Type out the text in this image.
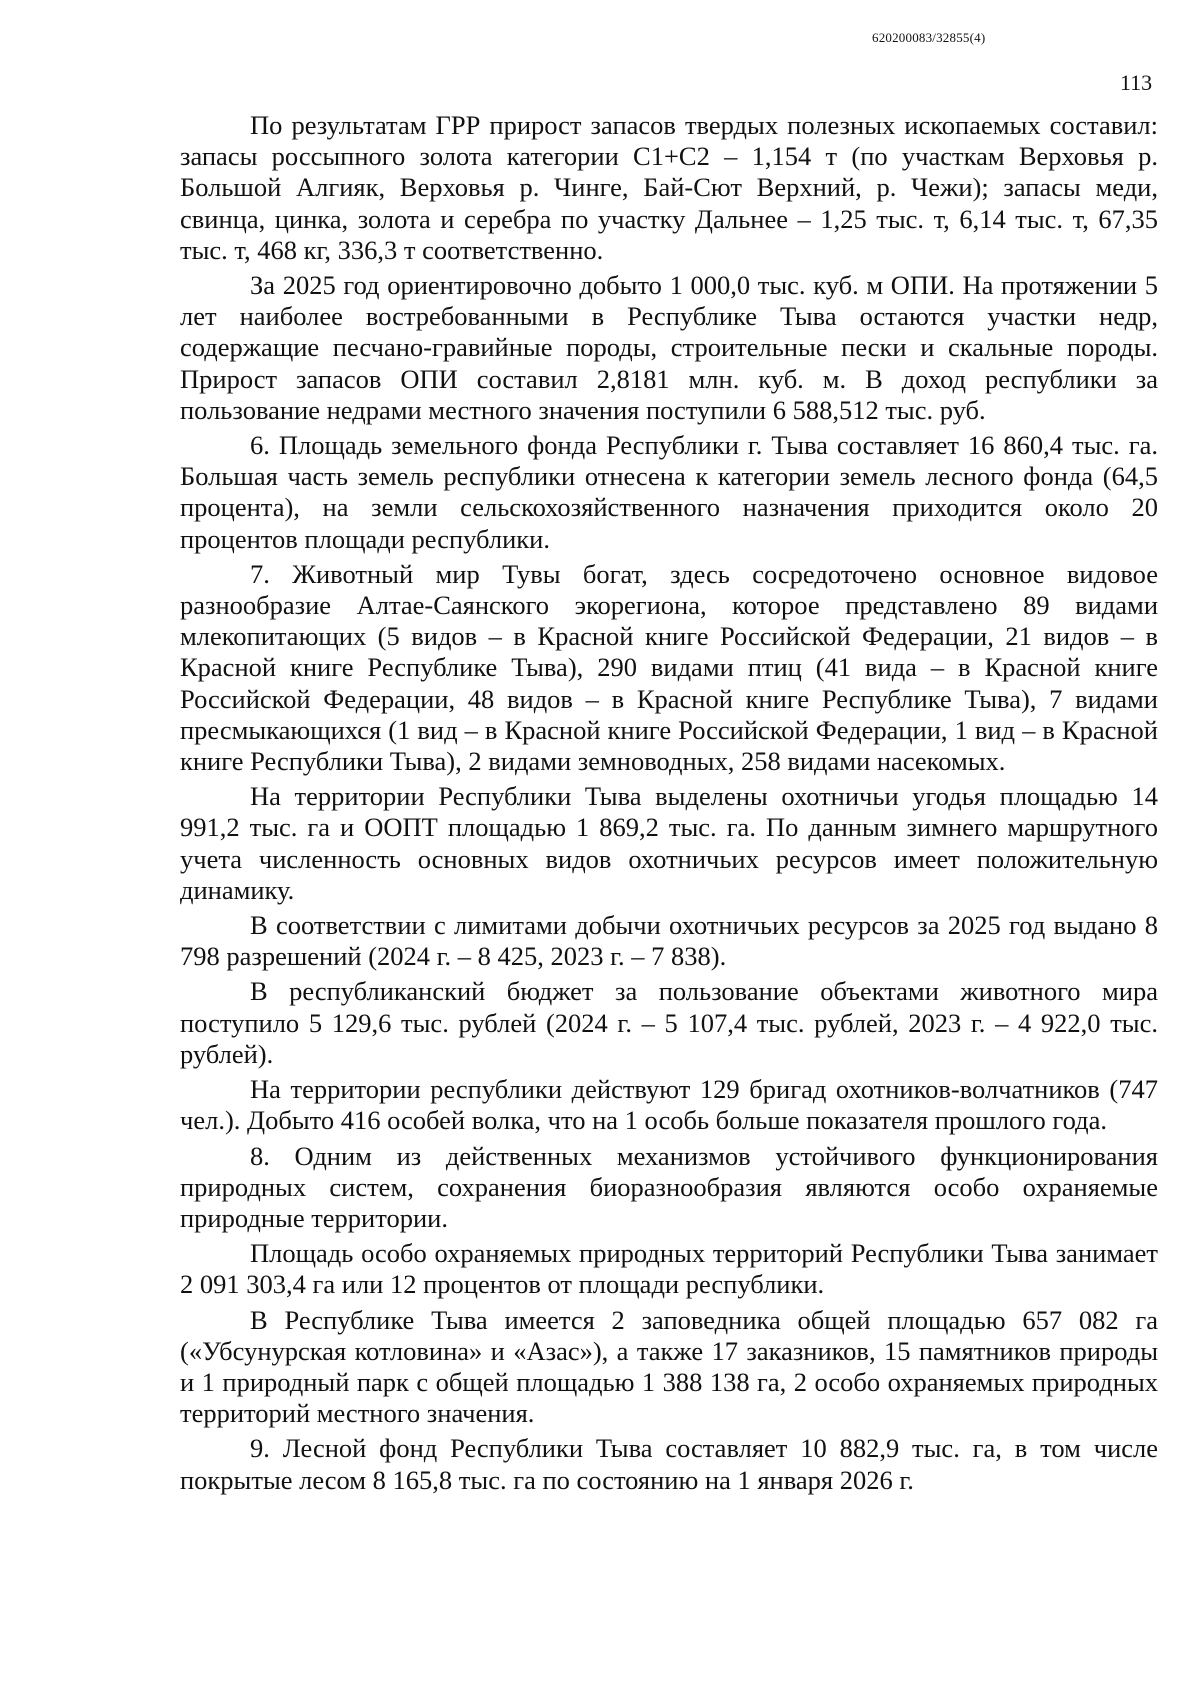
620200083/32855(4)
113

По результатам ГРР прирост запасов твердых полезных ископаемых составил: запасы россыпного золота категории С1+С2 – 1,154 т (по участкам Верховья р. Большой Алгияк, Верховья р. Чинге, Бай-Сют Верхний, р. Чежи); запасы меди, свинца, цинка, золота и серебра по участку Дальнее – 1,25 тыс. т, 6,14 тыс. т, 67,35 тыс. т, 468 кг, 336,3 т соответственно.

За 2025 год ориентировочно добыто 1 000,0 тыс. куб. м ОПИ. На протяжении 5 лет наиболее востребованными в Республике Тыва остаются участки недр, содержащие песчано-гравийные породы, строительные пески и скальные породы. Прирост запасов ОПИ составил 2,8181 млн. куб. м. В доход республики за пользование недрами местного значения поступили 6 588,512 тыс. руб.

6. Площадь земельного фонда Республики г. Тыва составляет 16 860,4 тыс. га. Большая часть земель республики отнесена к категории земель лесного фонда (64,5 процента), на земли сельскохозяйственного назначения приходится около 20 процентов площади республики.

7. Животный мир Тувы богат, здесь сосредоточено основное видовое разнообразие Алтае-Саянского экорегиона, которое представлено 89 видами млекопитающих (5 видов – в Красной книге Российской Федерации, 21 видов – в Красной книге Республике Тыва), 290 видами птиц (41 вида – в Красной книге Российской Федерации, 48 видов – в Красной книге Республике Тыва), 7 видами пресмыкающихся (1 вид – в Красной книге Российской Федерации, 1 вид – в Красной книге Республики Тыва), 2 видами земноводных, 258 видами насекомых.

На территории Республики Тыва выделены охотничьи угодья площадью 14 991,2 тыс. га и ООПТ площадью 1 869,2 тыс. га. По данным зимнего маршрутного учета численность основных видов охотничьих ресурсов имеет положительную динамику.

В соответствии с лимитами добычи охотничьих ресурсов за 2025 год выдано 8 798 разрешений (2024 г. – 8 425, 2023 г. – 7 838).

В республиканский бюджет за пользование объектами животного мира поступило 5 129,6 тыс. рублей (2024 г. – 5 107,4 тыс. рублей, 2023 г. – 4 922,0 тыс. рублей).

На территории республики действуют 129 бригад охотников-волчатников (747 чел.). Добыто 416 особей волка, что на 1 особь больше показателя прошлого года.

8. Одним из действенных механизмов устойчивого функционирования природных систем, сохранения биоразнообразия являются особо охраняемые природные территории.

Площадь особо охраняемых природных территорий Республики Тыва занимает 2 091 303,4 га или 12 процентов от площади республики.

В Республике Тыва имеется 2 заповедника общей площадью 657 082 га («Убсунурская котловина» и «Азас»), а также 17 заказников, 15 памятников природы и 1 природный парк с общей площадью 1 388 138 га, 2 особо охраняемых природных территорий местного значения.

9. Лесной фонд Республики Тыва составляет 10 882,9 тыс. га, в том числе покрытые лесом 8 165,8 тыс. га по состоянию на 1 января 2026 г.
